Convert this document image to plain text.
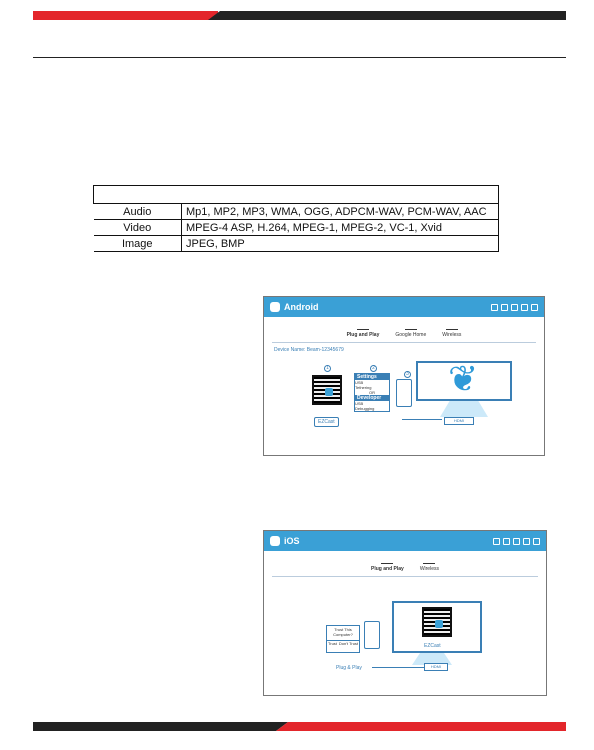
Audio	Mp1, MP2, MP3, WMA, OGG, ADPCM-WAV, PCM-WAV, AAC
Video	MPEG-4 ASP, H.264, MPEG-1, MPEG-2, VC-1, Xvid
Image	JPEG, BMP
Android
Plug and Play	Google Home	Wireless
Device Name: Beam-12345679
1	2
3
EZCast
Settings
USB
Tethering
OR
Developer
USB
Debugging
❦
HDMI
iOS
Plug and Play	Wireless
Trust This Computer?
Trust Don't Trust	EZCast
HDMI
Plug & Play
